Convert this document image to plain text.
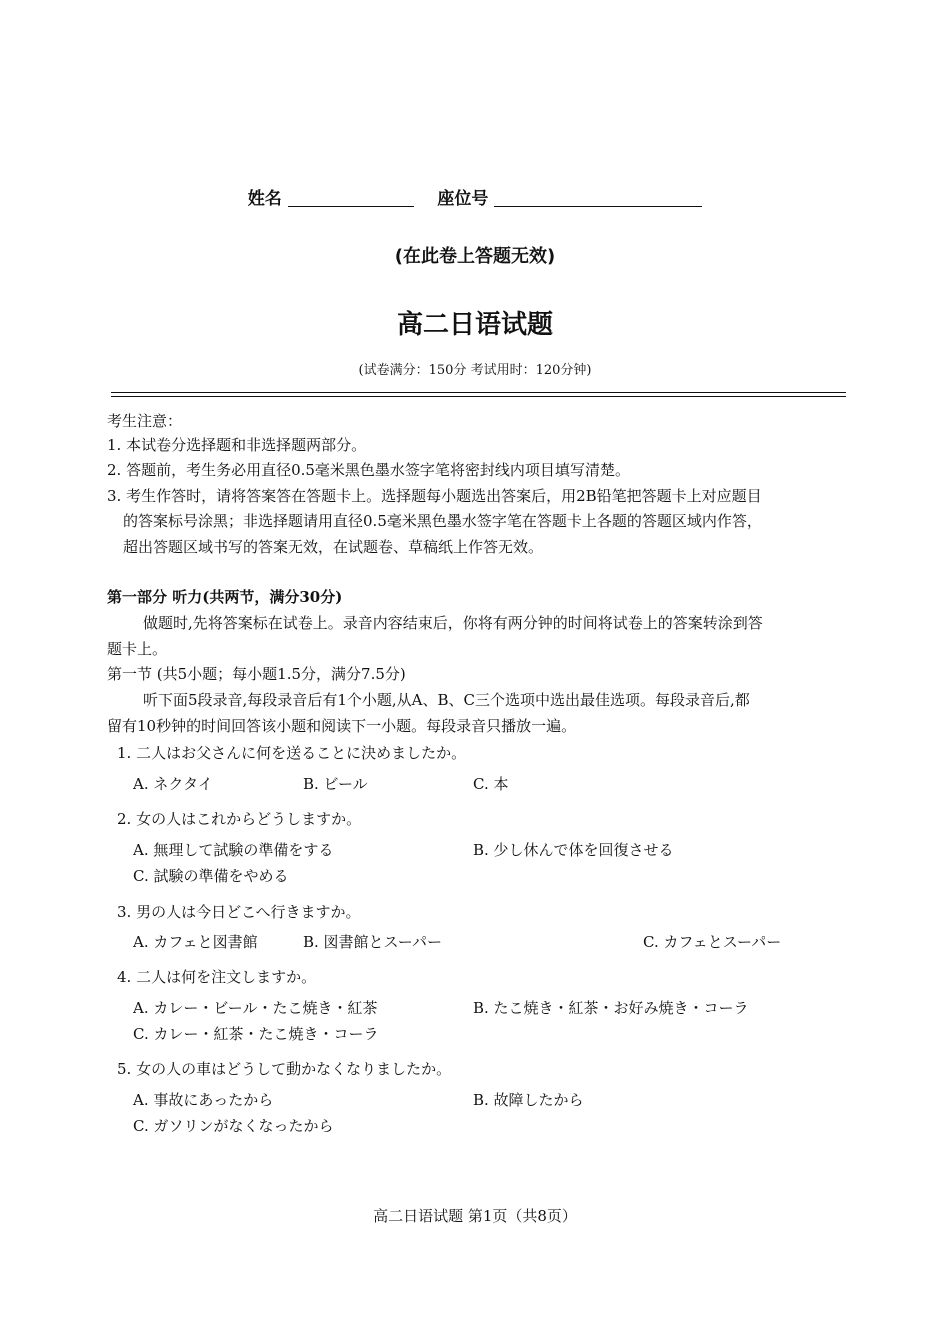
姓名	座位号
(在此卷上答题无效)
高二日语试题
(试卷满分：150分 考试用时：120分钟)
考生注意：
1. 本试卷分选择题和非选择题两部分。
2. 答题前，考生务必用直径0.5毫米黑色墨水签字笔将密封线内项目填写清楚。
3. 考生作答时，请将答案答在答题卡上。选择题每小题选出答案后，用2B铅笔把答题卡上对应题目
的答案标号涂黑；非选择题请用直径0.5毫米黑色墨水签字笔在答题卡上各题的答题区域内作答，
超出答题区域书写的答案无效，在试题卷、草稿纸上作答无效。
第一部分 听力(共两节，满分30分)
做题时,先将答案标在试卷上。录音内容结束后，你将有两分钟的时间将试卷上的答案转涂到答
题卡上。
第一节 (共5小题；每小题1.5分，满分7.5分)
听下面5段录音,每段录音后有1个小题,从A、B、C三个选项中选出最佳选项。每段录音后,都
留有10秒钟的时间回答该小题和阅读下一小题。每段录音只播放一遍。
1. 二人はお父さんに何を送ることに決めましたか。
A. ネクタイ	B. ビール	C. 本
2. 女の人はこれからどうしますか。
A. 無理して試験の準備をする	B. 少し休んで体を回復させる
C. 試験の準備をやめる
3. 男の人は今日どこへ行きますか。
A. カフェと図書館	B. 図書館とスーパー	C. カフェとスーパー
4. 二人は何を注文しますか。
A. カレー・ビール・たこ焼き・紅茶	B. たこ焼き・紅茶・お好み焼き・コーラ
C. カレー・紅茶・たこ焼き・コーラ
5. 女の人の車はどうして動かなくなりましたか。
A. 事故にあったから	B. 故障したから
C. ガソリンがなくなったから
高二日语试题 第1页（共8页）
